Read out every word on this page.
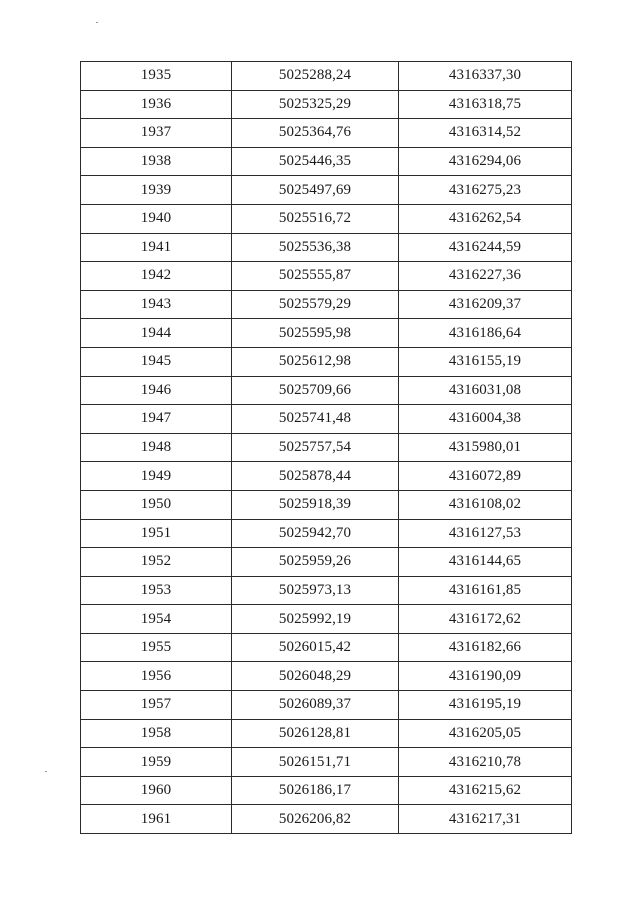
1935	5025288,24	4316337,30
1936	5025325,29	4316318,75
1937	5025364,76	4316314,52
1938	5025446,35	4316294,06
1939	5025497,69	4316275,23
1940	5025516,72	4316262,54
1941	5025536,38	4316244,59
1942	5025555,87	4316227,36
1943	5025579,29	4316209,37
1944	5025595,98	4316186,64
1945	5025612,98	4316155,19
1946	5025709,66	4316031,08
1947	5025741,48	4316004,38
1948	5025757,54	4315980,01
1949	5025878,44	4316072,89
1950	5025918,39	4316108,02
1951	5025942,70	4316127,53
1952	5025959,26	4316144,65
1953	5025973,13	4316161,85
1954	5025992,19	4316172,62
1955	5026015,42	4316182,66
1956	5026048,29	4316190,09
1957	5026089,37	4316195,19
1958	5026128,81	4316205,05
1959	5026151,71	4316210,78
1960	5026186,17	4316215,62
1961	5026206,82	4316217,31
